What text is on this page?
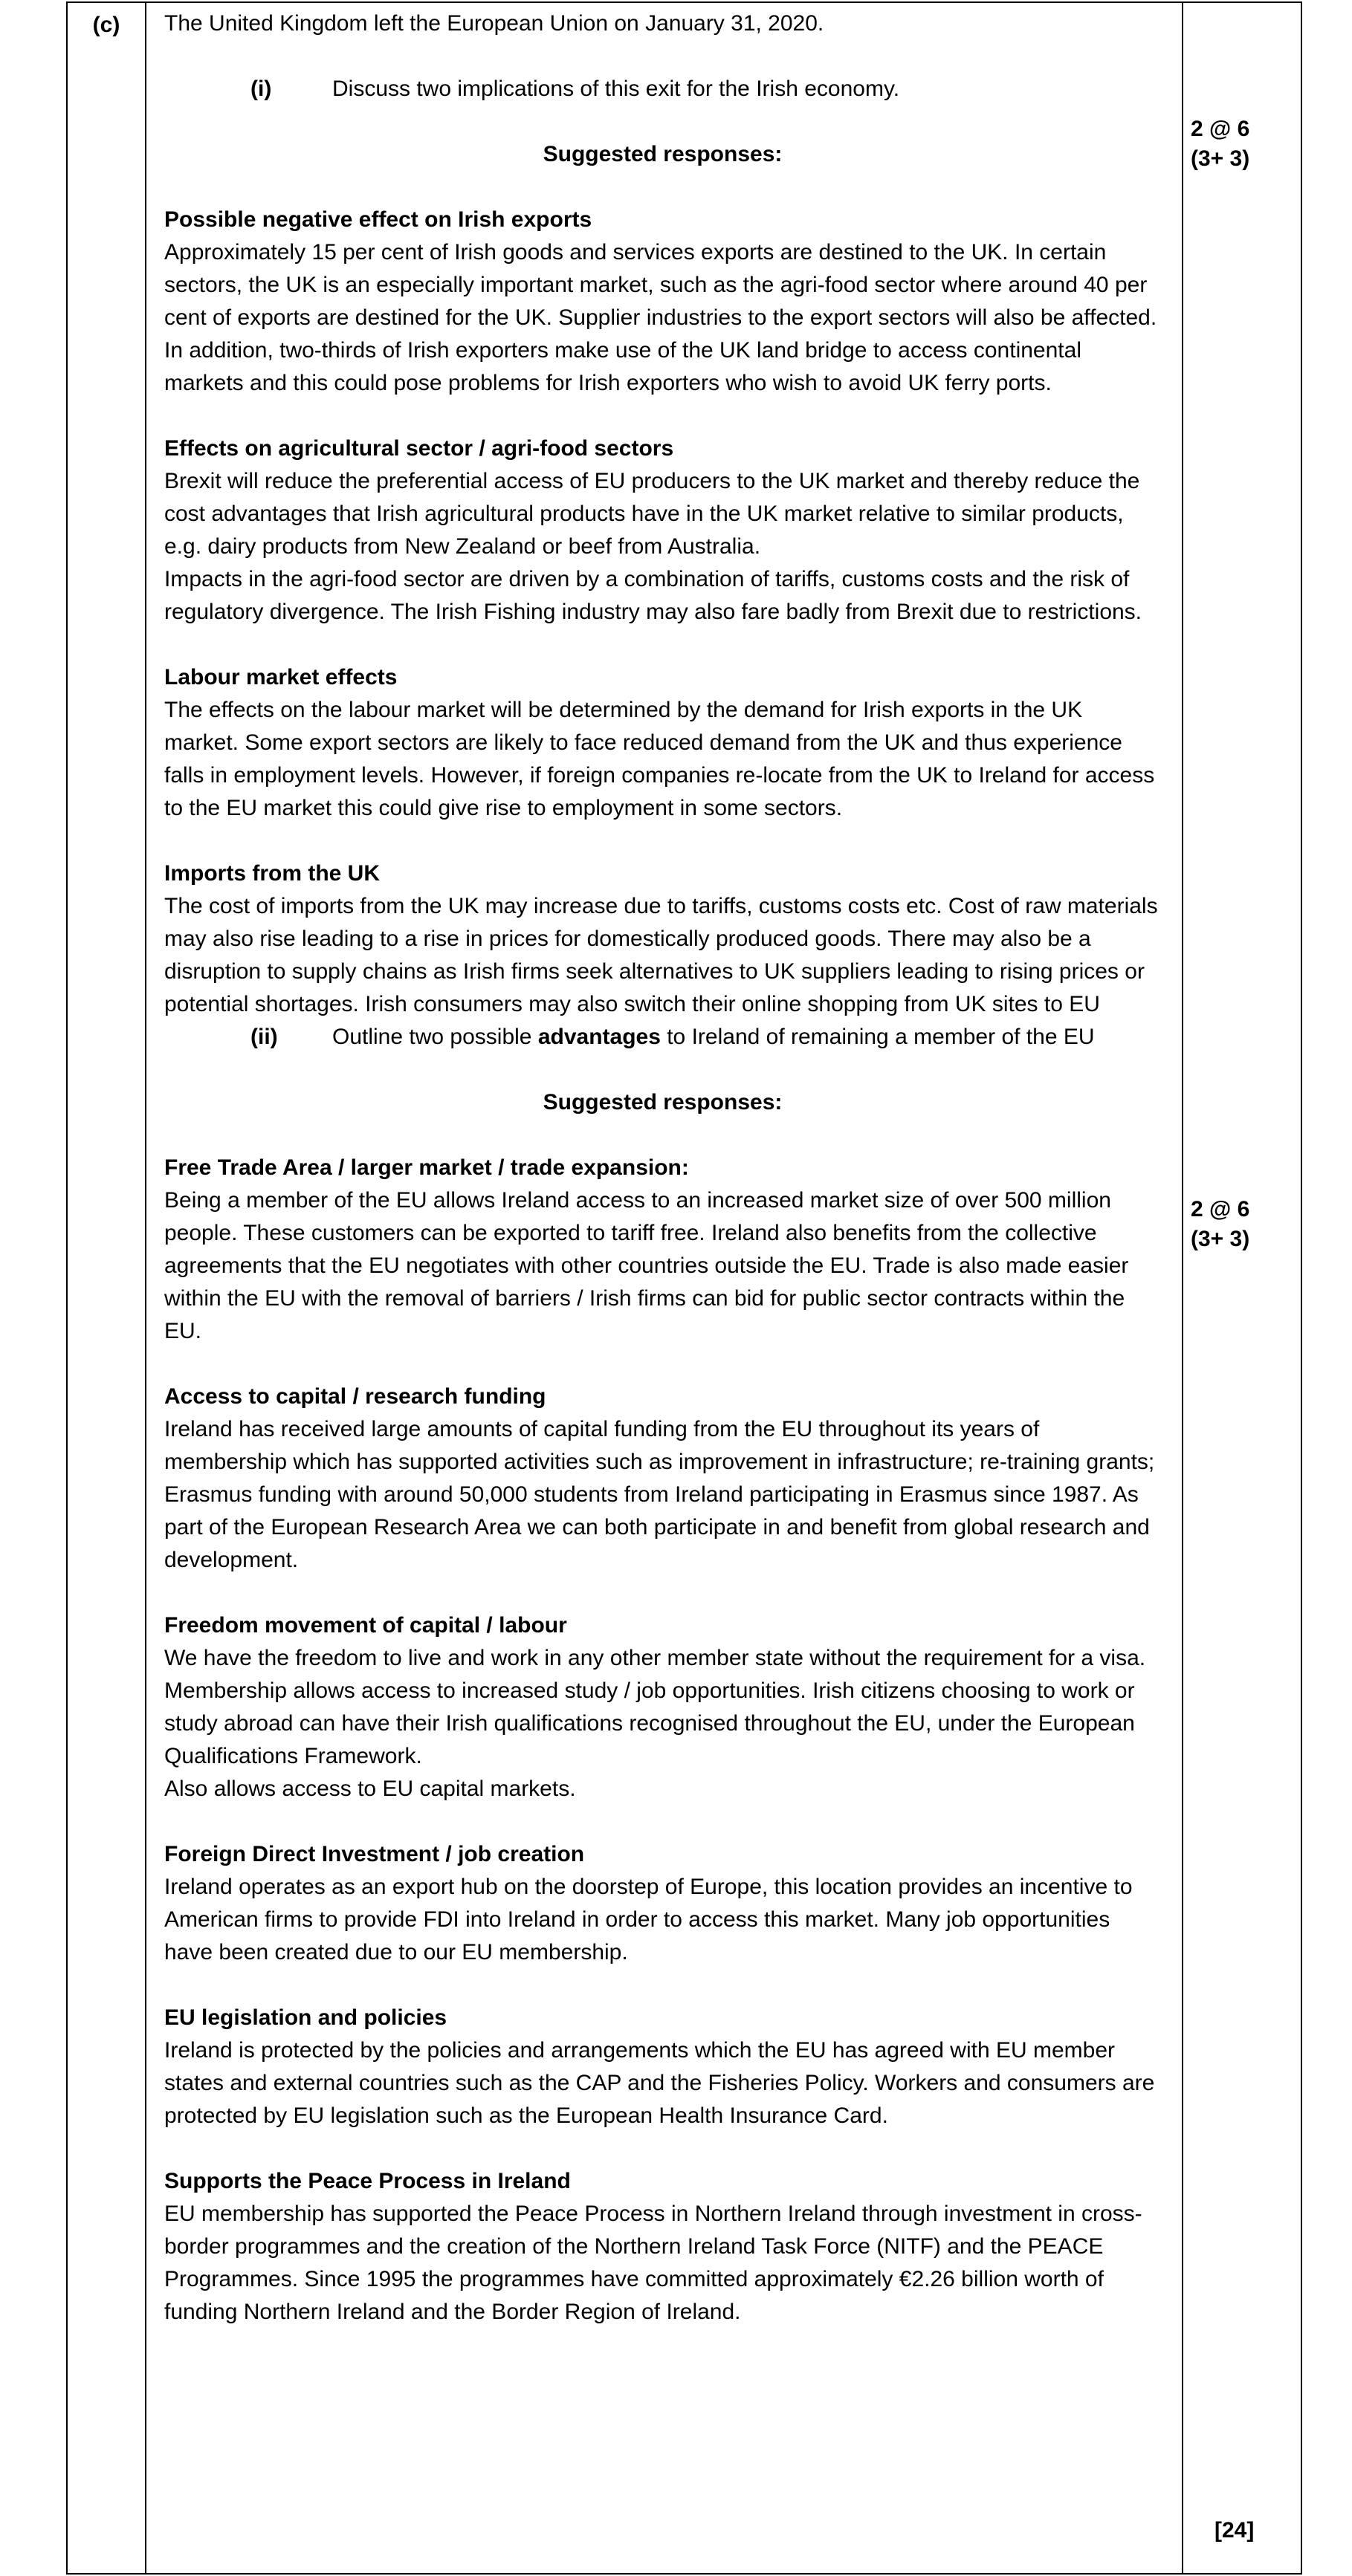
(c)	The United Kingdom left the European Union on January 31, 2020.
(i)	Discuss two implications of this exit for the Irish economy.
Suggested responses:
Possible negative effect on Irish exports
Approximately 15 per cent of Irish goods and services exports are destined to the UK. In certain sectors, the UK is an especially important market, such as the agri-food sector where around 40 per cent of exports are destined for the UK. Supplier industries to the export sectors will also be affected. In addition, two-thirds of Irish exporters make use of the UK land bridge to access continental markets and this could pose problems for Irish exporters who wish to avoid UK ferry ports.
Effects on agricultural sector / agri-food sectors
Brexit will reduce the preferential access of EU producers to the UK market and thereby reduce the cost advantages that Irish agricultural products have in the UK market relative to similar products, e.g. dairy products from New Zealand or beef from Australia.
Impacts in the agri-food sector are driven by a combination of tariffs, customs costs and the risk of regulatory divergence. The Irish Fishing industry may also fare badly from Brexit due to restrictions.
Labour market effects
The effects on the labour market will be determined by the demand for Irish exports in the UK market. Some export sectors are likely to face reduced demand from the UK and thus experience falls in employment levels. However, if foreign companies re-locate from the UK to Ireland for access to the EU market this could give rise to employment in some sectors.
Imports from the UK
The cost of imports from the UK may increase due to tariffs, customs costs etc. Cost of raw materials may also rise leading to a rise in prices for domestically produced goods. There may also be a disruption to supply chains as Irish firms seek alternatives to UK suppliers leading to rising prices or potential shortages. Irish consumers may also switch their online shopping from UK sites to EU
(ii) Outline two possible advantages to Ireland of remaining a member of the EU
Suggested responses:
Free Trade Area / larger market / trade expansion:
Being a member of the EU allows Ireland access to an increased market size of over 500 million people. These customers can be exported to tariff free. Ireland also benefits from the collective agreements that the EU negotiates with other countries outside the EU. Trade is also made easier within the EU with the removal of barriers / Irish firms can bid for public sector contracts within the EU.
Access to capital / research funding
Ireland has received large amounts of capital funding from the EU throughout its years of membership which has supported activities such as improvement in infrastructure; re-training grants; Erasmus funding with around 50,000 students from Ireland participating in Erasmus since 1987. As part of the European Research Area we can both participate in and benefit from global research and development.
Freedom movement of capital / labour
We have the freedom to live and work in any other member state without the requirement for a visa. Membership allows access to increased study / job opportunities. Irish citizens choosing to work or study abroad can have their Irish qualifications recognised throughout the EU, under the European Qualifications Framework.
Also allows access to EU capital markets.
Foreign Direct Investment / job creation
Ireland operates as an export hub on the doorstep of Europe, this location provides an incentive to American firms to provide FDI into Ireland in order to access this market. Many job opportunities have been created due to our EU membership.
EU legislation and policies
Ireland is protected by the policies and arrangements which the EU has agreed with EU member states and external countries such as the CAP and the Fisheries Policy. Workers and consumers are protected by EU legislation such as the European Health Insurance Card.
Supports the Peace Process in Ireland
EU membership has supported the Peace Process in Northern Ireland through investment in cross-border programmes and the creation of the Northern Ireland Task Force (NITF) and the PEACE Programmes. Since 1995 the programmes have committed approximately €2.26 billion worth of funding Northern Ireland and the Border Region of Ireland.
2 @ 6
(3+ 3)
2 @ 6
(3+ 3)
[24]
